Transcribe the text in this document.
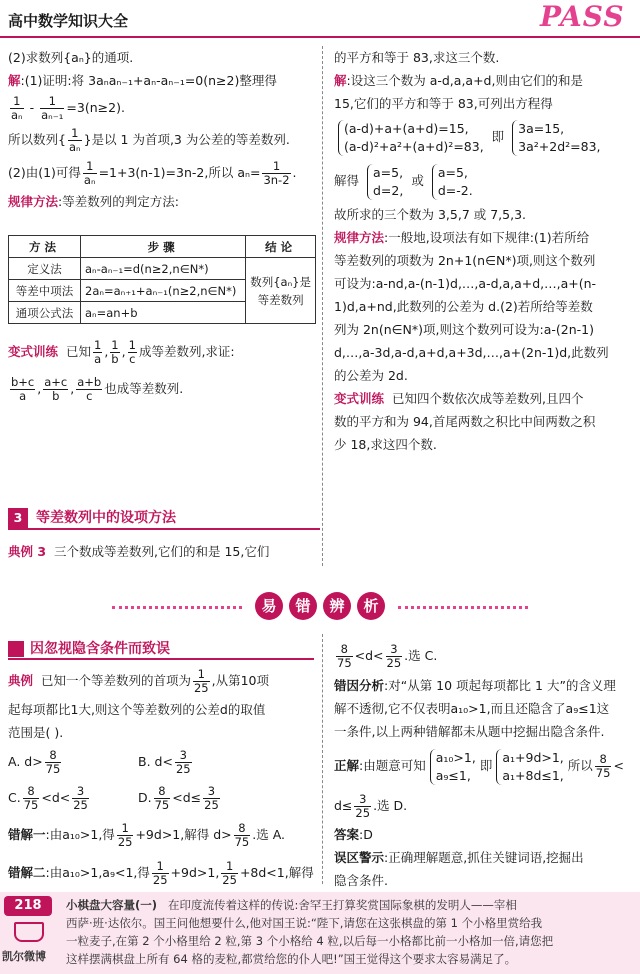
高中数学知识大全	PASS
(2)求数列{aₙ}的通项.
解:(1)证明:将 3aₙaₙ₋₁+aₙ-aₙ₋₁=0(n≥2)整理得
$\frac{1}{\text{aₙ}} - \frac{1}{\text{aₙ₋₁}} =3(n\ge 2)$.
所以数列{ $\frac{1}{\text{aₙ}}$ }是以 1 为首项,3 为公差的等差数列.
(2)由(1)可得 $\frac{1}{\text{aₙ}} =1+3(n-1)=3n-2$,所以 $a_n= \frac{1}{3n-2}$ .
规律方法:等差数列的判定方法:
方法	步骤	结论
定义法	aₙ-aₙ₋₁=d(n≥2,n∈N*)	数列{aₙ}是
等差数列
等差中项法	2aₙ=aₙ₊₁+aₙ₋₁(n≥2,n∈N*)	
通项公式法	aₙ=an+b	
变式训练 已知 $\frac{1}{a}$ , $\frac{1}{b}$ , $\frac{1}{c}$ 成等差数列,求证:
$\frac{b+c}{a}$ , $\frac{a+c}{b}$ , $\frac{a+b}{c}$ 也成等差数列.
3 等差数列中的设项方法
典例 3 三个数成等差数列,它们的和是 15,它们
的平方和等于 83,求这三个数.
解:设这三个数为 a-d,a,a+d,则由它们的和是
15,它们的平方和等于 83,可列出方程得
(a-d)+a+(a+d)=15,
(a-d)²+a²+(a+d)²=83,
即
3a=15,
3a²+2d²=83,
解得
a=5,
d=2,
或
a=5,
d=-2.
故所求的三个数为 3,5,7 或 7,5,3.
规律方法:一般地,设项法有如下规律:(1)若所给
等差数列的项数为 2n+1(n∈N*)项,则这个数列
可设为:a-nd,a-(n-1)d,…,a-d,a,a+d,…,a+(n-
1)d,a+nd,此数列的公差为 d.(2)若所给等差数
列为 2n(n∈N*)项,则这个数列可设为:a-(2n-1)
d,…,a-3d,a-d,a+d,a+3d,…,a+(2n-1)d,此数列
的公差为 2d.
变式训练 已知四个数依次成等差数列,且四个
数的平方和为 94,首尾两数之积比中间两数之积
少 18,求这四个数.
易 错 辨 析
因忽视隐含条件而致误
典例 已知一个等差数列的首项为 $\frac{1}{25}$ ,从第10项
起每项都比1大,则这个等差数列的公差d的取值
范围是( ).
A. $d> \frac{8}{75}$	B. $d< \frac{3}{25}$
C. $\frac{8}{75} <d< \frac{3}{25}$	D. $\frac{8}{75} <d\le \frac{3}{25}$
错解一:由a₁₀>1,得 $\frac{1}{25} +9d>1$,解得 $d> \frac{8}{75}$ .选 A.
错解二:由a₁₀>1,a₉<1,得 $\frac{1}{25} +9d>1$, $\frac{1}{25} +8d<1$,解得
$\frac{8}{75} <d< \frac{3}{25}$ .选 C.
错因分析:对“从第 10 项起每项都比 1 大”的含义理
解不透彻,它不仅表明a₁₀>1,而且还隐含了a₉≤1这
一条件,以上两种错解都未从题中挖掘出隐含条件.
正解:由题意可知
a₁₀>1,
a₉≤1,
即
a₁+9d>1,
a₁+8d≤1,
所以 $\frac{8}{75}$ <
$d\le \frac{3}{25}$ .选 D.
答案:D
误区警示:正确理解题意,抓住关键词语,挖掘出
隐含条件.
218
凯尔微博
小棋盘大容量(一) 在印度流传着这样的传说:舍罕王打算奖赏国际象棋的发明人——宰相
西萨·班·达依尔。国王问他想要什么,他对国王说:“陛下,请您在这张棋盘的第 1 个小格里赏给我
一粒麦子,在第 2 个小格里给 2 粒,第 3 个小格给 4 粒,以后每一小格都比前一小格加一倍,请您把
这样摆满棋盘上所有 64 格的麦粒,都赏给您的仆人吧!”国王觉得这个要求太容易满足了。
